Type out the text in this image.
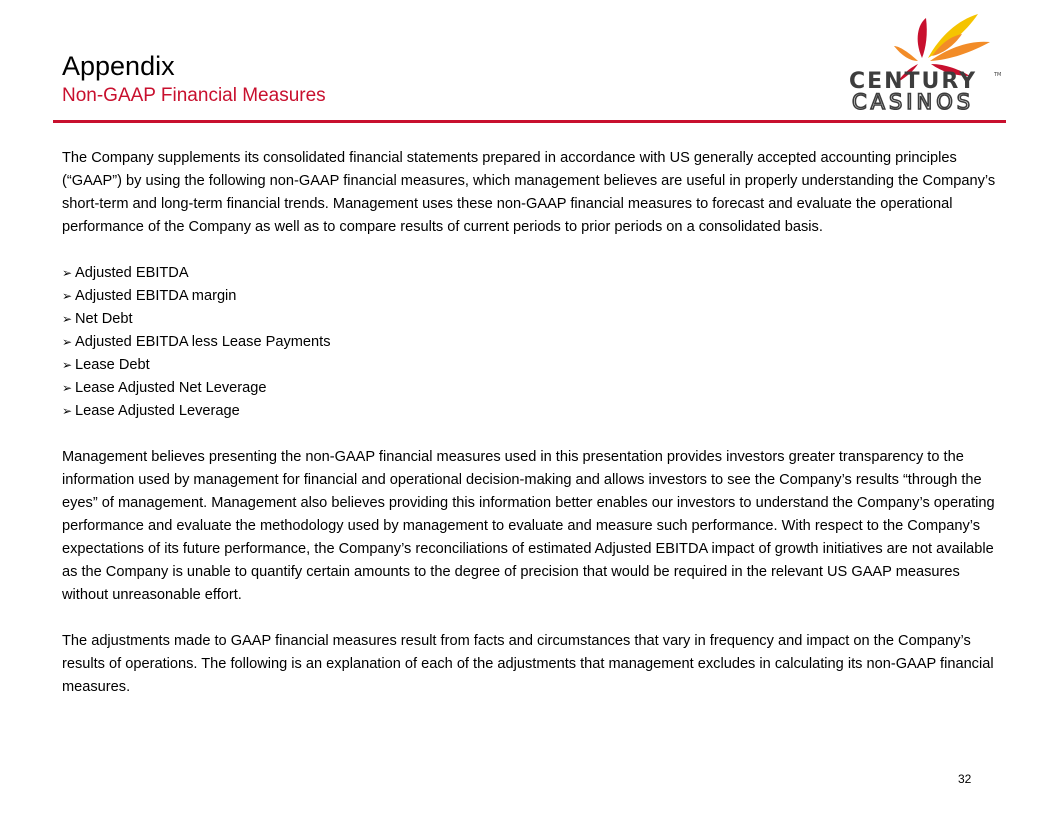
Appendix
Non-GAAP Financial Measures
CENTURY
CASINOS
TM

The Company supplements its consolidated financial statements prepared in accordance with US generally accepted accounting principles (“GAAP”) by using the following non-GAAP financial measures, which management believes are useful in properly understanding the Company’s short-term and long-term financial trends. Management uses these non-GAAP financial measures to forecast and evaluate the operational performance of the Company as well as to compare results of current periods to prior periods on a consolidated basis.

➢ Adjusted EBITDA
➢ Adjusted EBITDA margin
➢ Net Debt
➢ Adjusted EBITDA less Lease Payments
➢ Lease Debt
➢ Lease Adjusted Net Leverage
➢ Lease Adjusted Leverage

Management believes presenting the non-GAAP financial measures used in this presentation provides investors greater transparency to the information used by management for financial and operational decision-making and allows investors to see the Company’s results “through the eyes” of management. Management also believes providing this information better enables our investors to understand the Company’s operating performance and evaluate the methodology used by management to evaluate and measure such performance. With respect to the Company’s expectations of its future performance, the Company’s reconciliations of estimated Adjusted EBITDA impact of growth initiatives are not available as the Company is unable to quantify certain amounts to the degree of precision that would be required in the relevant US GAAP measures without unreasonable effort.

The adjustments made to GAAP financial measures result from facts and circumstances that vary in frequency and impact on the Company’s results of operations. The following is an explanation of each of the adjustments that management excludes in calculating its non-GAAP financial measures.

32
